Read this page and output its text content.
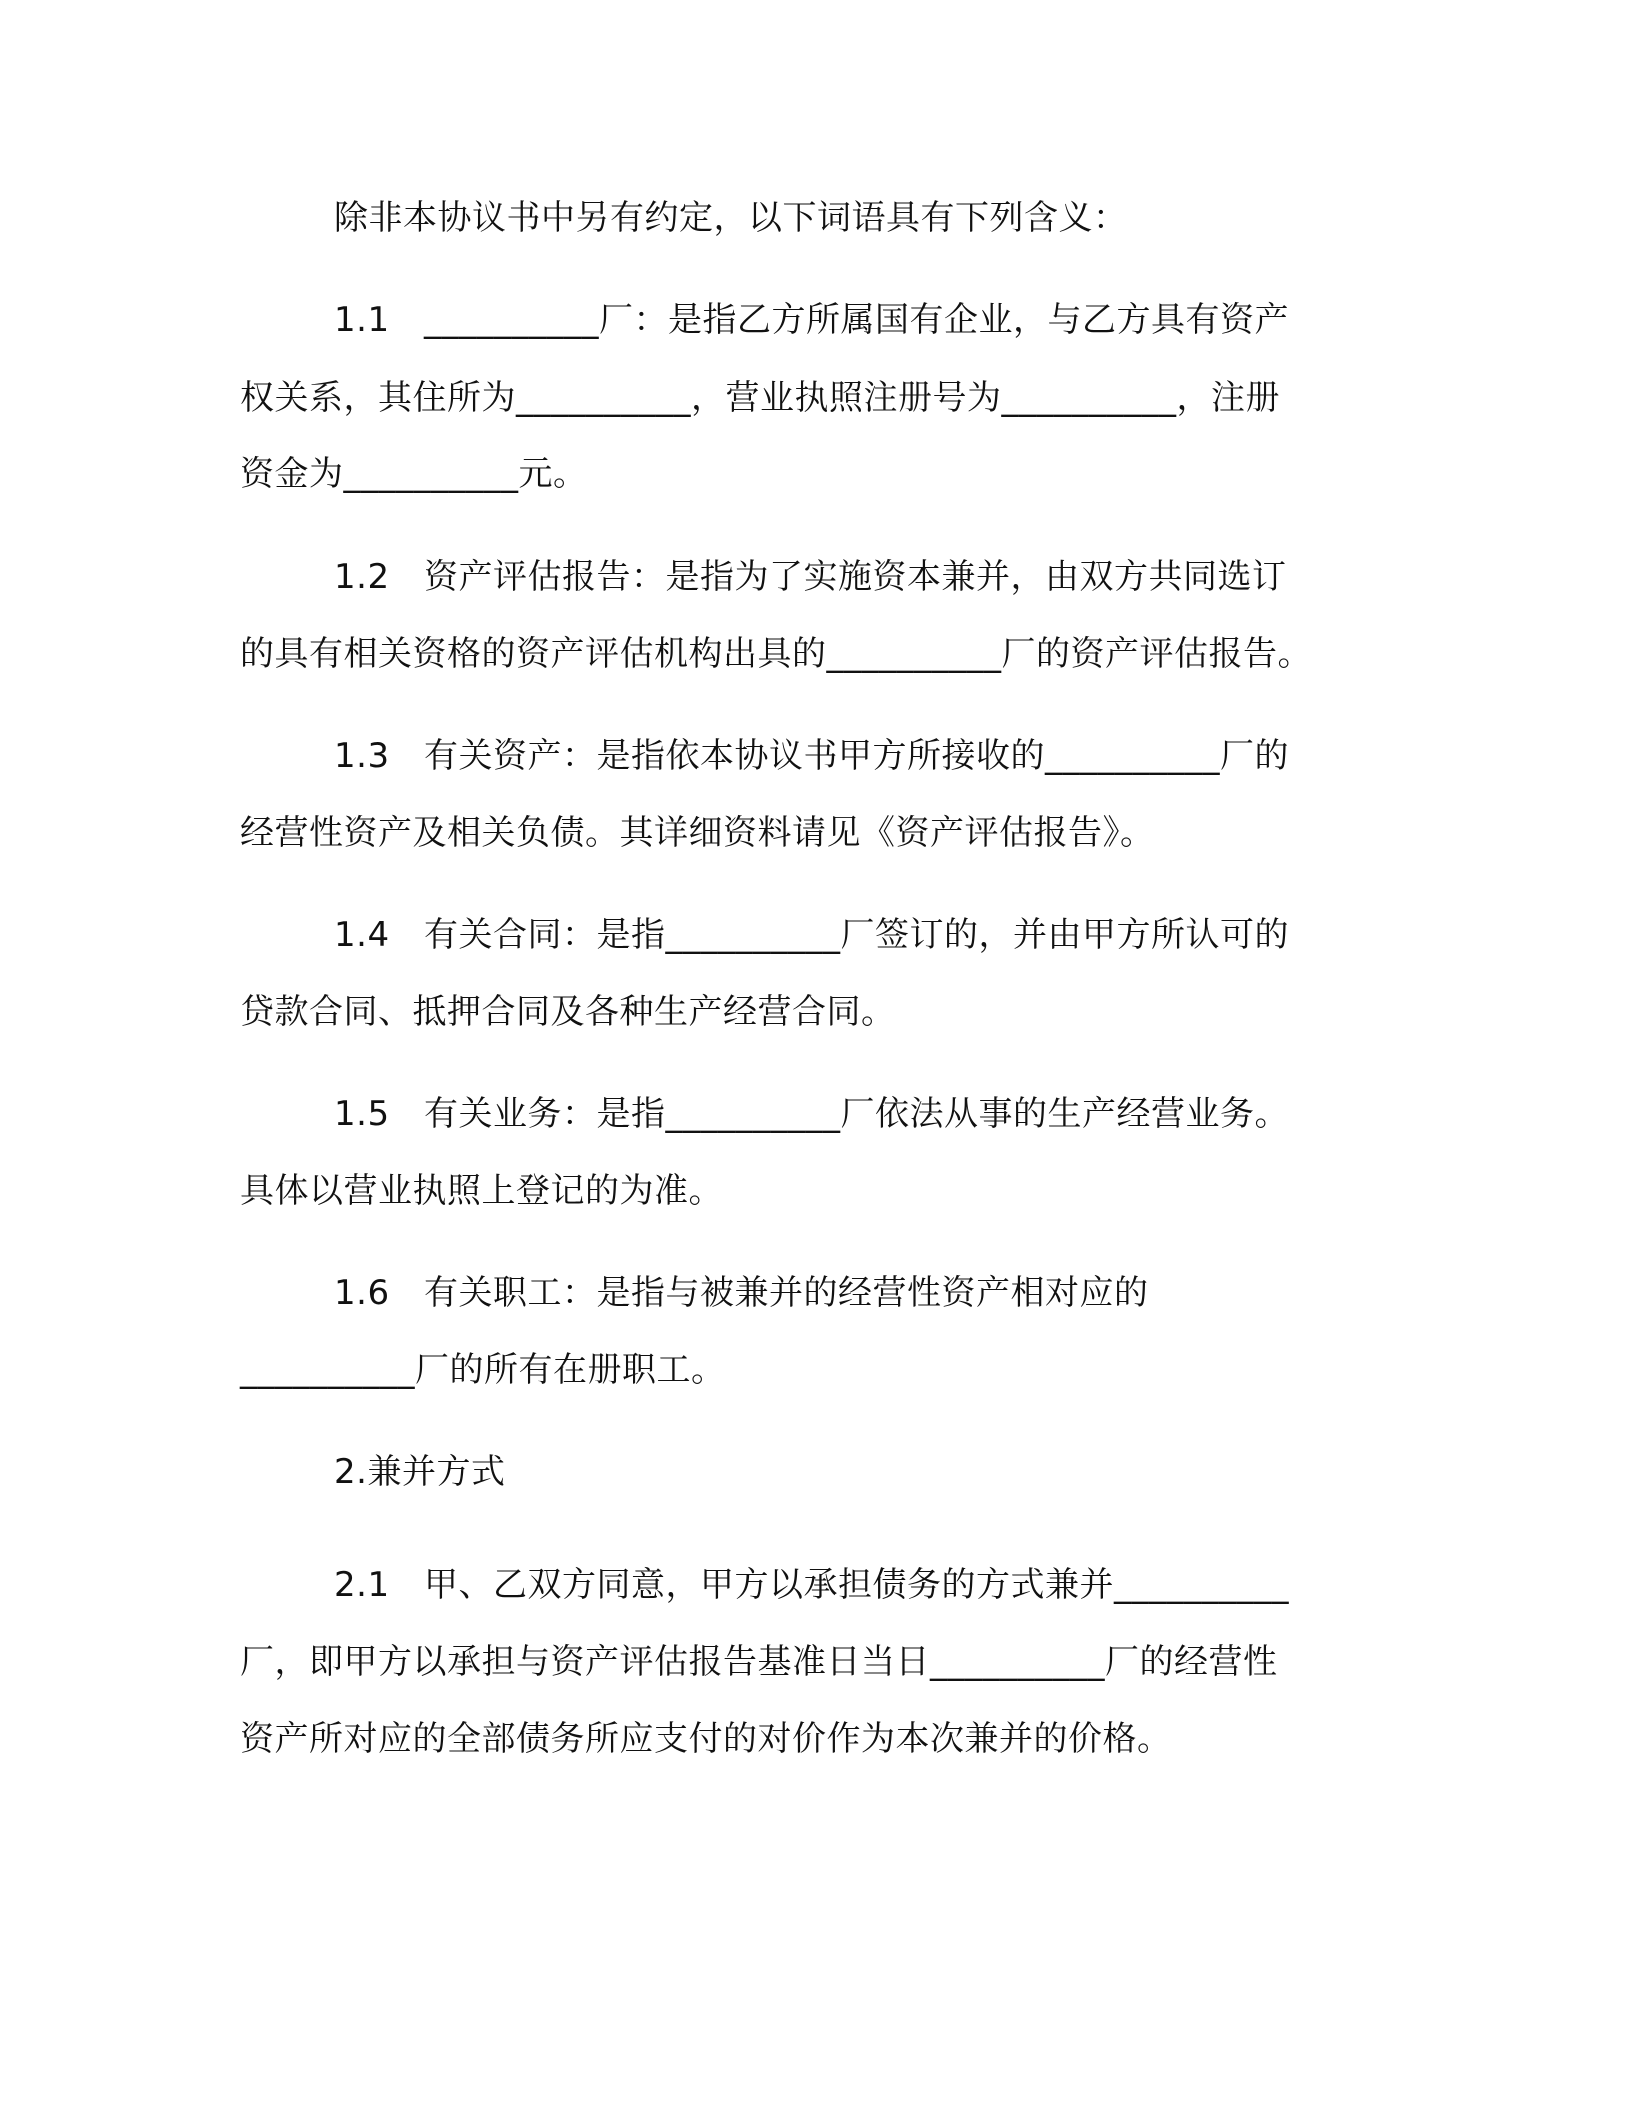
除非本协议书中另有约定，以下词语具有下列含义：
1.1 __________厂：是指乙方所属国有企业，与乙方具有资产
权关系，其住所为__________，营业执照注册号为__________，注册
资金为__________元。
1.2 资产评估报告：是指为了实施资本兼并，由双方共同选订
的具有相关资格的资产评估机构出具的__________厂的资产评估报告。
1.3 有关资产：是指依本协议书甲方所接收的__________厂的
经营性资产及相关负债。其详细资料请见《资产评估报告》。
1.4 有关合同：是指__________厂签订的，并由甲方所认可的
贷款合同、抵押合同及各种生产经营合同。
1.5 有关业务：是指__________厂依法从事的生产经营业务。
具体以营业执照上登记的为准。
1.6 有关职工：是指与被兼并的经营性资产相对应的
__________厂的所有在册职工。
2.兼并方式
2.1 甲、乙双方同意，甲方以承担债务的方式兼并__________
厂，即甲方以承担与资产评估报告基准日当日__________厂的经营性
资产所对应的全部债务所应支付的对价作为本次兼并的价格。
